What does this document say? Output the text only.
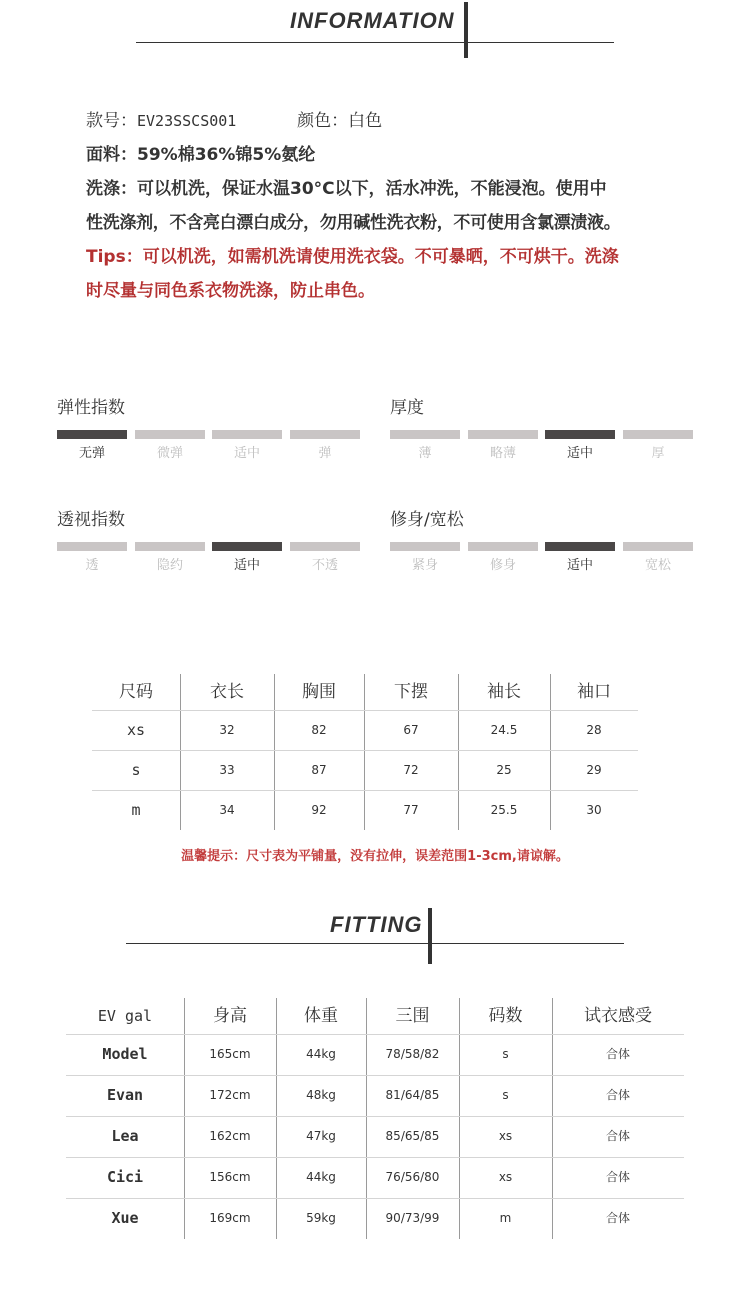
INFORMATION
款号：EV23SSCS001	颜色：白色
面料：59%棉36%锦5%氨纶
洗涤：可以机洗，保证水温30°C以下，活水冲洗，不能浸泡。使用中
性洗涤剂，不含亮白漂白成分，勿用碱性洗衣粉，不可使用含氯漂渍液。
Tips：可以机洗，如需机洗请使用洗衣袋。不可暴晒，不可烘干。洗涤
时尽量与同色系衣物洗涤，防止串色。
弹性指数
无弹	微弹	适中	弹
厚度
薄	略薄	适中	厚
透视指数
透	隐约	适中	不透
修身/宽松
紧身	修身	适中	宽松
尺码	衣长	胸围	下摆	袖长	袖口
xs	32	82	67	24.5	28
s	33	87	72	25	29
m	34	92	77	25.5	30
温馨提示：尺寸表为平铺量，没有拉伸，误差范围1-3cm,请谅解。
FITTING
EV gal	身高	体重	三围	码数	试衣感受
Model	165cm	44kg	78/58/82	s	合体
Evan	172cm	48kg	81/64/85	s	合体
Lea	162cm	47kg	85/65/85	xs	合体
Cici	156cm	44kg	76/56/80	xs	合体
Xue	169cm	59kg	90/73/99	m	合体
